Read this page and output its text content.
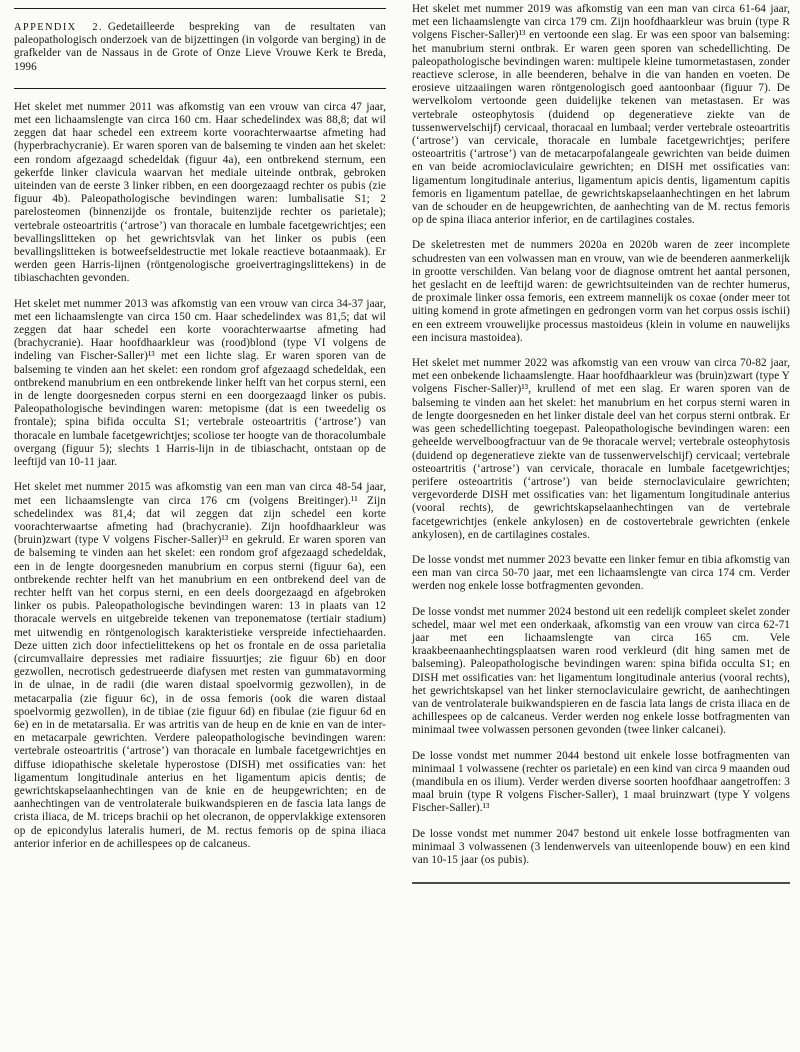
APPENDIX 2. Gedetailleerde bespreking van de resultaten van paleopathologisch onderzoek van de bijzettingen (in volgorde van berging) in de grafkelder van de Nassaus in de Grote of Onze Lieve Vrouwe Kerk te Breda, 1996

Het skelet met nummer 2011 was afkomstig van een vrouw van circa 47 jaar, met een lichaamslengte van circa 160 cm. Haar schedelindex was 88,8; dat wil zeggen dat haar schedel een extreem korte voorachterwaartse afmeting had (hyperbrachycranie). Er waren sporen van de balseming te vinden aan het skelet: een rondom afgezaagd schedeldak (figuur 4a), een ontbrekend sternum, een gekerfde linker clavicula waarvan het mediale uiteinde ontbrak, gebroken uiteinden van de eerste 3 linker ribben, en een doorgezaagd rechter os pubis (zie figuur 4b). Paleopathologische bevindingen waren: lumbalisatie S1; 2 parelosteomen (binnenzijde os frontale, buitenzijde rechter os parietale); vertebrale osteoartritis (‘artrose’) van thoracale en lumbale facetgewrichtjes; een bevallingslitteken op het gewrichtsvlak van het linker os pubis (een bevallingslitteken is botweefseldestructie met lokale reactieve botaanmaak). Er werden geen Harris-lijnen (röntgenologische groeivertragingslittekens) in de tibiaschachten gevonden.

Het skelet met nummer 2013 was afkomstig van een vrouw van circa 34-37 jaar, met een lichaamslengte van circa 150 cm. Haar schedelindex was 81,5; dat wil zeggen dat haar schedel een korte voorachterwaartse afmeting had (brachycranie). Haar hoofdhaarkleur was (rood)blond (type VI volgens de indeling van Fischer-Saller)¹³ met een lichte slag. Er waren sporen van de balseming te vinden aan het skelet: een rondom grof afgezaagd schedeldak, een ontbrekend manubrium en een ontbrekende linker helft van het corpus sterni, een in de lengte doorgesneden corpus sterni en een doorgezaagd linker os pubis. Paleopathologische bevindingen waren: metopisme (dat is een tweedelig os frontale); spina bifida occulta S1; vertebrale osteoartritis (‘artrose’) van thoracale en lumbale facetgewrichtjes; scoliose ter hoogte van de thoracolumbale overgang (figuur 5); slechts 1 Harris-lijn in de tibiaschacht, ontstaan op de leeftijd van 10-11 jaar.

Het skelet met nummer 2015 was afkomstig van een man van circa 48-54 jaar, met een lichaamslengte van circa 176 cm (volgens Breitinger).¹¹ Zijn schedelindex was 81,4; dat wil zeggen dat zijn schedel een korte voorachterwaartse afmeting had (brachycranie). Zijn hoofdhaarkleur was (bruin)zwart (type V volgens Fischer-Saller)¹³ en gekruld. Er waren sporen van de balseming te vinden aan het skelet: een rondom grof afgezaagd schedeldak, een in de lengte doorgesneden manubrium en corpus sterni (figuur 6a), een ontbrekende rechter helft van het manubrium en een ontbrekend deel van de rechter helft van het corpus sterni, en een deels doorgezaagd en afgebroken linker os pubis. Paleopathologische bevindingen waren: 13 in plaats van 12 thoracale wervels en uitgebreide tekenen van treponematose (tertiair stadium) met uitwendig en röntgenologisch karakteristieke verspreide infectiehaarden. Deze uitten zich door infectielittekens op het os frontale en de ossa parietalia (circumvallaire depressies met radiaire fissuurtjes; zie figuur 6b) en door gezwollen, necrotisch gedestrueerde diafysen met resten van gummatavorming in de ulnae, in de radii (die waren distaal spoelvormig gezwollen), in de metacarpalia (zie figuur 6c), in de ossa femoris (ook die waren distaal spoelvormig gezwollen), in de tibiae (zie figuur 6d) en fibulae (zie figuur 6d en 6e) en in de metatarsalia. Er was artritis van de heup en de knie en van de inter- en metacarpale gewrichten. Verdere paleopathologische bevindingen waren: vertebrale osteoartritis (‘artrose’) van thoracale en lumbale facetgewrichtjes en diffuse idiopathische skeletale hyperostose (DISH) met ossificaties van: het ligamentum longitudinale anterius en het ligamentum apicis dentis; de gewrichtskapselaanhechtingen van de knie en de heupgewrichten; en de aanhechtingen van de ventrolaterale buikwandspieren en de fascia lata langs de crista iliaca, de M. triceps brachii op het olecranon, de oppervlakkige extensoren op de epicondylus lateralis humeri, de M. rectus femoris op de spina iliaca anterior inferior en de achillespees op de calcaneus.

Het skelet met nummer 2019 was afkomstig van een man van circa 61-64 jaar, met een lichaamslengte van circa 179 cm. Zijn hoofdhaarkleur was bruin (type R volgens Fischer-Saller)¹³ en vertoonde een slag. Er was een spoor van balseming: het manubrium sterni ontbrak. Er waren geen sporen van schedellichting. De paleopathologische bevindingen waren: multipele kleine tumormetastasen, zonder reactieve sclerose, in alle beenderen, behalve in die van handen en voeten. De erosieve uitzaaiingen waren röntgenologisch goed aantoonbaar (figuur 7). De wervelkolom vertoonde geen duidelijke tekenen van metastasen. Er was vertebrale osteophytosis (duidend op degeneratieve ziekte van de tussenwervelschijf) cervicaal, thoracaal en lumbaal; verder vertebrale osteoartritis (‘artrose’) van cervicale, thoracale en lumbale facetgewrichtjes; perifere osteoartritis (‘artrose’) van de metacarpofalangeale gewrichten van beide duimen en van beide acromioclaviculaire gewrichten; en DISH met ossificaties van: ligamentum longitudinale anterius, ligamentum apicis dentis, ligamentum capitis femoris en ligamentum patellae, de gewrichtskapselaanhechtingen en het labrum van de schouder en de heupgewrichten, de aanhechting van de M. rectus femoris op de spina iliaca anterior inferior, en de cartilagines costales.

De skeletresten met de nummers 2020a en 2020b waren de zeer incomplete schudresten van een volwassen man en vrouw, van wie de beenderen aanmerkelijk in grootte verschilden. Van belang voor de diagnose omtrent het aantal personen, het geslacht en de leeftijd waren: de gewrichtsuiteinden van de rechter humerus, de proximale linker ossa femoris, een extreem mannelijk os coxae (onder meer tot uiting komend in grote afmetingen en gedrongen vorm van het corpus ossis ischii) en een extreem vrouwelijke processus mastoideus (klein in volume en nauwelijks een incisura mastoidea).

Het skelet met nummer 2022 was afkomstig van een vrouw van circa 70-82 jaar, met een onbekende lichaamslengte. Haar hoofdhaarkleur was (bruin)zwart (type Y volgens Fischer-Saller)¹³, krullend of met een slag. Er waren sporen van de balseming te vinden aan het skelet: het manubrium en het corpus sterni waren in de lengte doorgesneden en het linker distale deel van het corpus sterni ontbrak. Er was geen schedellichting toegepast. Paleopathologische bevindingen waren: een geheelde wervelboogfractuur van de 9e thoracale wervel; vertebrale osteophytosis (duidend op degeneratieve ziekte van de tussenwervelschijf) cervicaal; vertebrale osteoartritis (‘artrose’) van cervicale, thoracale en lumbale facetgewrichtjes; perifere osteoartritis (‘artrose’) van beide sternoclaviculaire gewrichten; vergevorderde DISH met ossificaties van: het ligamentum longitudinale anterius (vooral rechts), de gewrichtskapselaanhechtingen van de vertebrale facetgewrichtjes (enkele ankylosen) en de costovertebrale gewrichten (enkele ankylosen), en de cartilagines costales.

De losse vondst met nummer 2023 bevatte een linker femur en tibia afkomstig van een man van circa 50-70 jaar, met een lichaamslengte van circa 174 cm. Verder werden nog enkele losse botfragmenten gevonden.

De losse vondst met nummer 2024 bestond uit een redelijk compleet skelet zonder schedel, maar wel met een onderkaak, afkomstig van een vrouw van circa 62-71 jaar met een lichaamslengte van circa 165 cm. Vele kraakbeenaanhechtingsplaatsen waren rood verkleurd (dit hing samen met de balseming). Paleopathologische bevindingen waren: spina bifida occulta S1; en DISH met ossificaties van: het ligamentum longitudinale anterius (vooral rechts), het gewrichtskapsel van het linker sternoclaviculaire gewricht, de aanhechtingen van de ventrolaterale buikwandspieren en de fascia lata langs de crista iliaca en de achillespees op de calcaneus. Verder werden nog enkele losse botfragmenten van minimaal twee volwassen personen gevonden (twee linker calcanei).

De losse vondst met nummer 2044 bestond uit enkele losse botfragmenten van minimaal 1 volwassene (rechter os parietale) en een kind van circa 9 maanden oud (mandibula en os ilium). Verder werden diverse soorten hoofdhaar aangetroffen: 3 maal bruin (type R volgens Fischer-Saller), 1 maal bruinzwart (type Y volgens Fischer-Saller).¹³

De losse vondst met nummer 2047 bestond uit enkele losse botfragmenten van minimaal 3 volwassenen (3 lendenwervels van uiteenlopende bouw) en een kind van 10-15 jaar (os pubis).
